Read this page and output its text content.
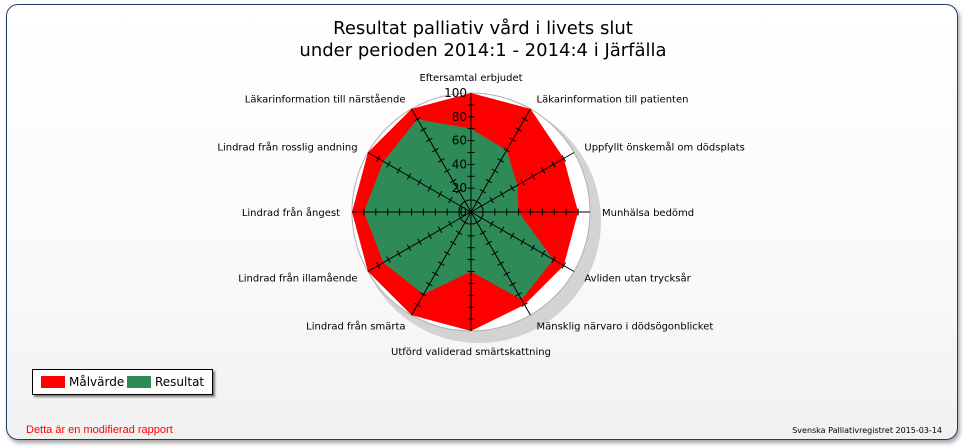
Resultat palliativ vård i livets slut
under perioden 2014:1 - 2014:4 i Järfälla
0
20
40
60
80
100
Eftersamtal erbjudet
Läkarinformation till patienten
Uppfyllt önskemål om dödsplats
Munhälsa bedömd
Avliden utan trycksår
Mänsklig närvaro i dödsögonblicket
Utförd validerad smärtskattning
Lindrad från smärta
Lindrad från illamående
Lindrad från ångest
Lindrad från rosslig andning
Läkarinformation till närstående
Målvärde	Resultat
Detta är en modifierad rapport	Svenska Palliativregistret 2015-03-14
